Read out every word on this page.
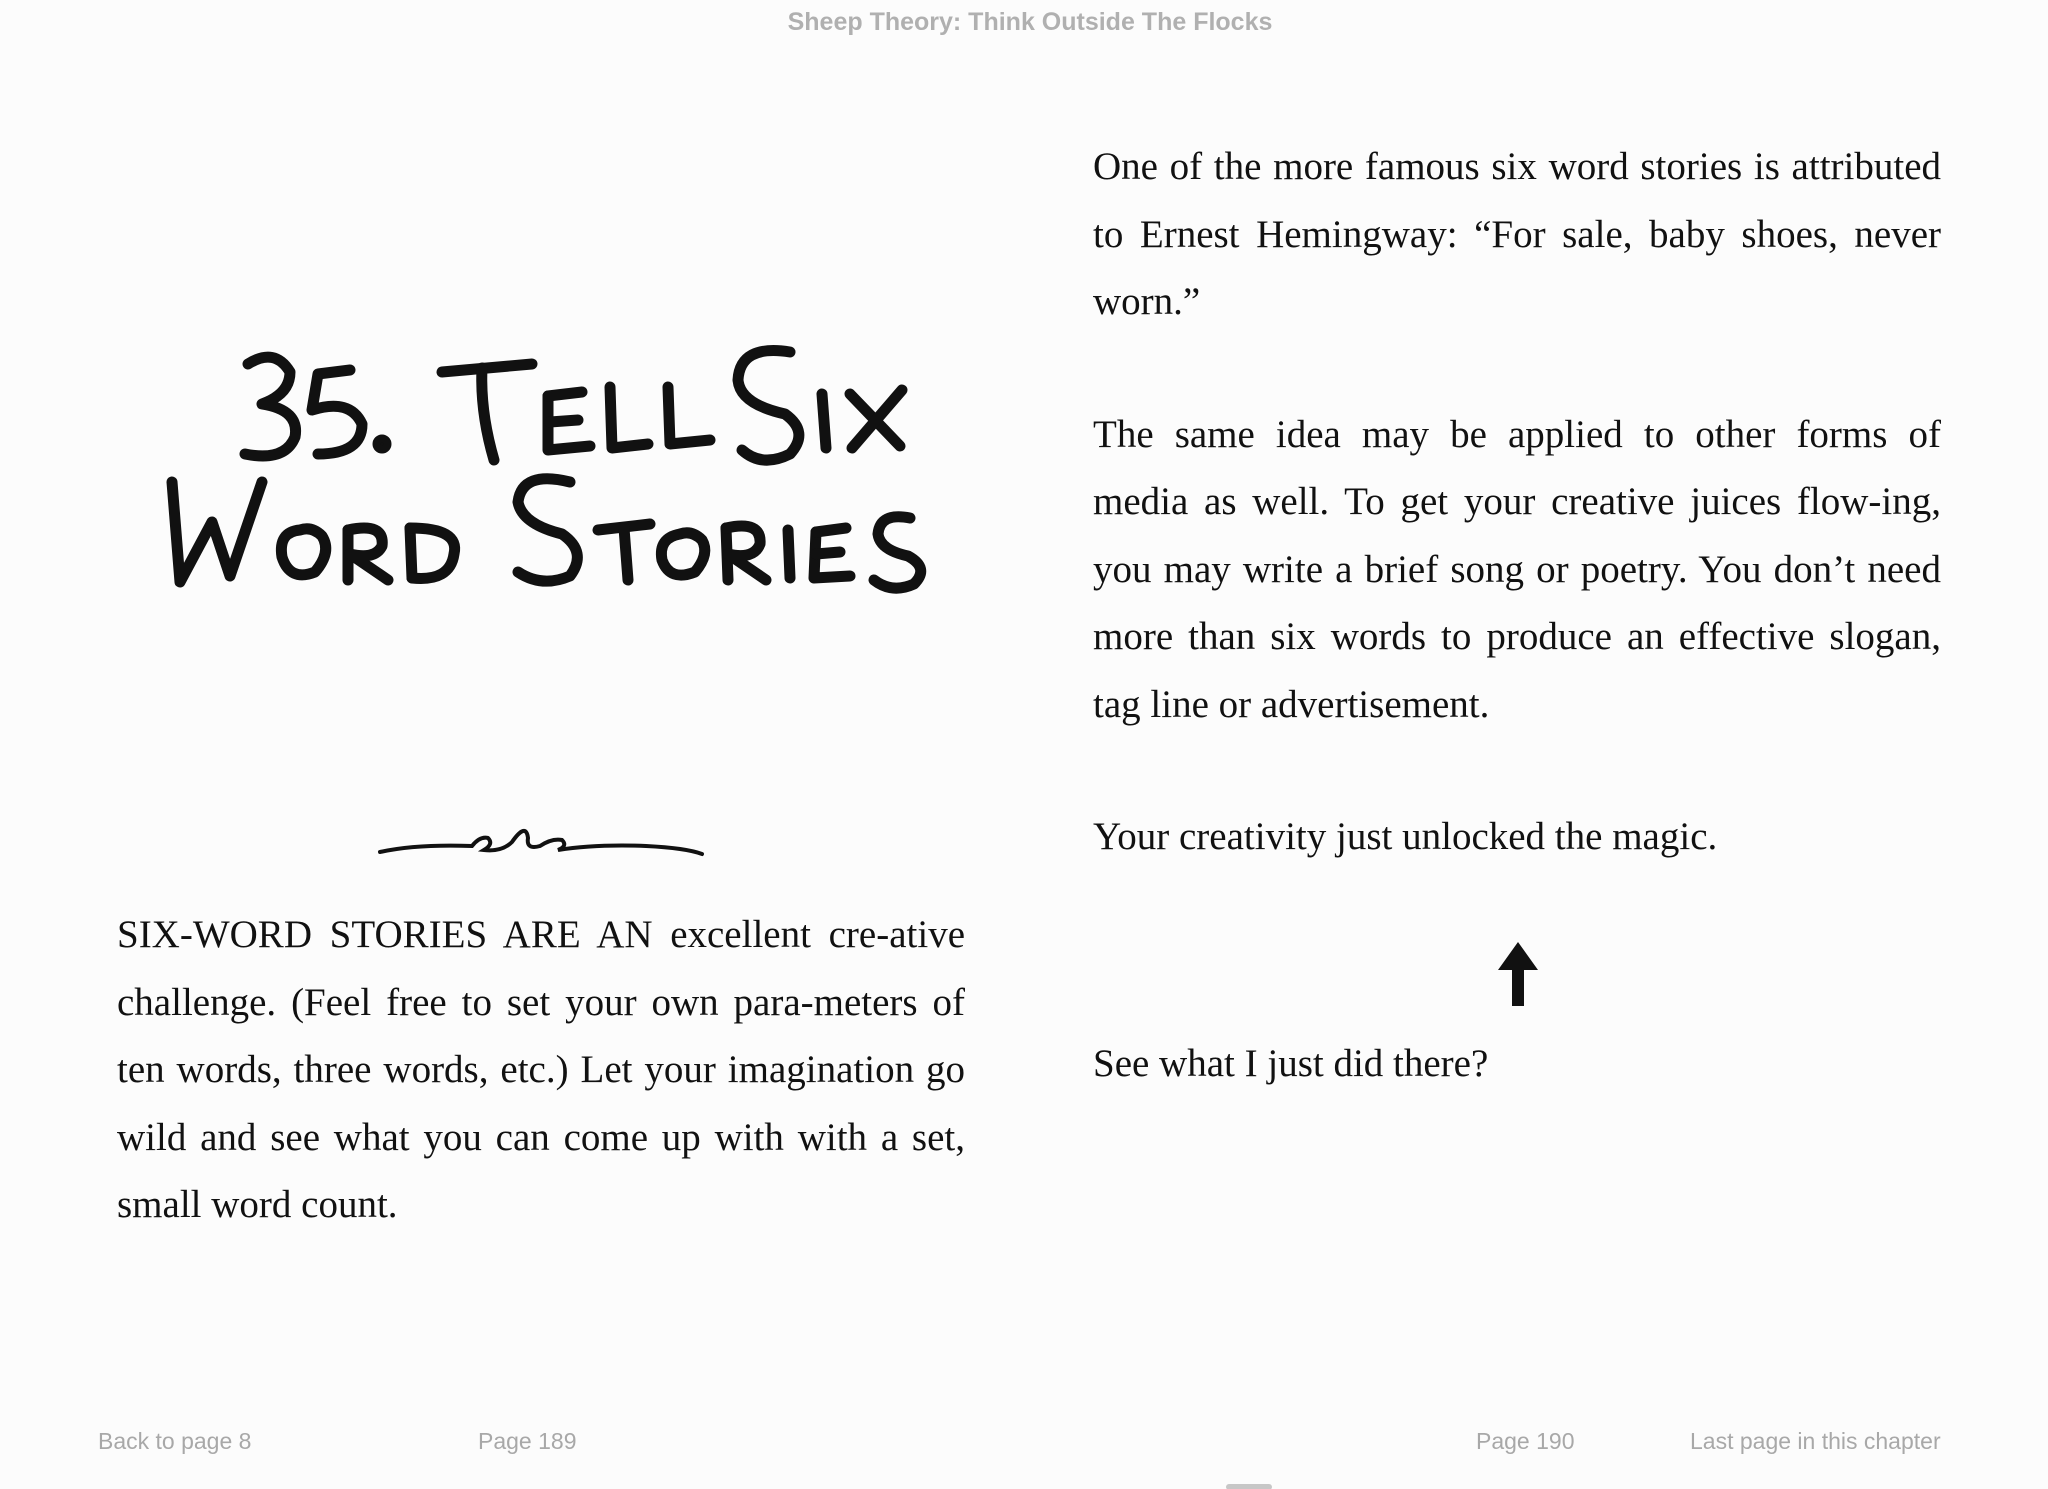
Sheep Theory: Think Outside The Flocks

SIX-WORD STORIES ARE AN excellent cre-ative challenge. (Feel free to set your own para-meters of ten words, three words, etc.) Let your imagination go wild and see what you can come up with with a set, small word count.

One of the more famous six word stories is attributed to Ernest Hemingway: “For sale, baby shoes, never worn.”

The same idea may be applied to other forms of media as well. To get your creative juices flow-ing, you may write a brief song or poetry. You don’t need more than six words to produce an effective slogan, tag line or advertisement.

Your creativity just unlocked the magic.

See what I just did there?

Back to page 8	Page 189	Page 190	Last page in this chapter
